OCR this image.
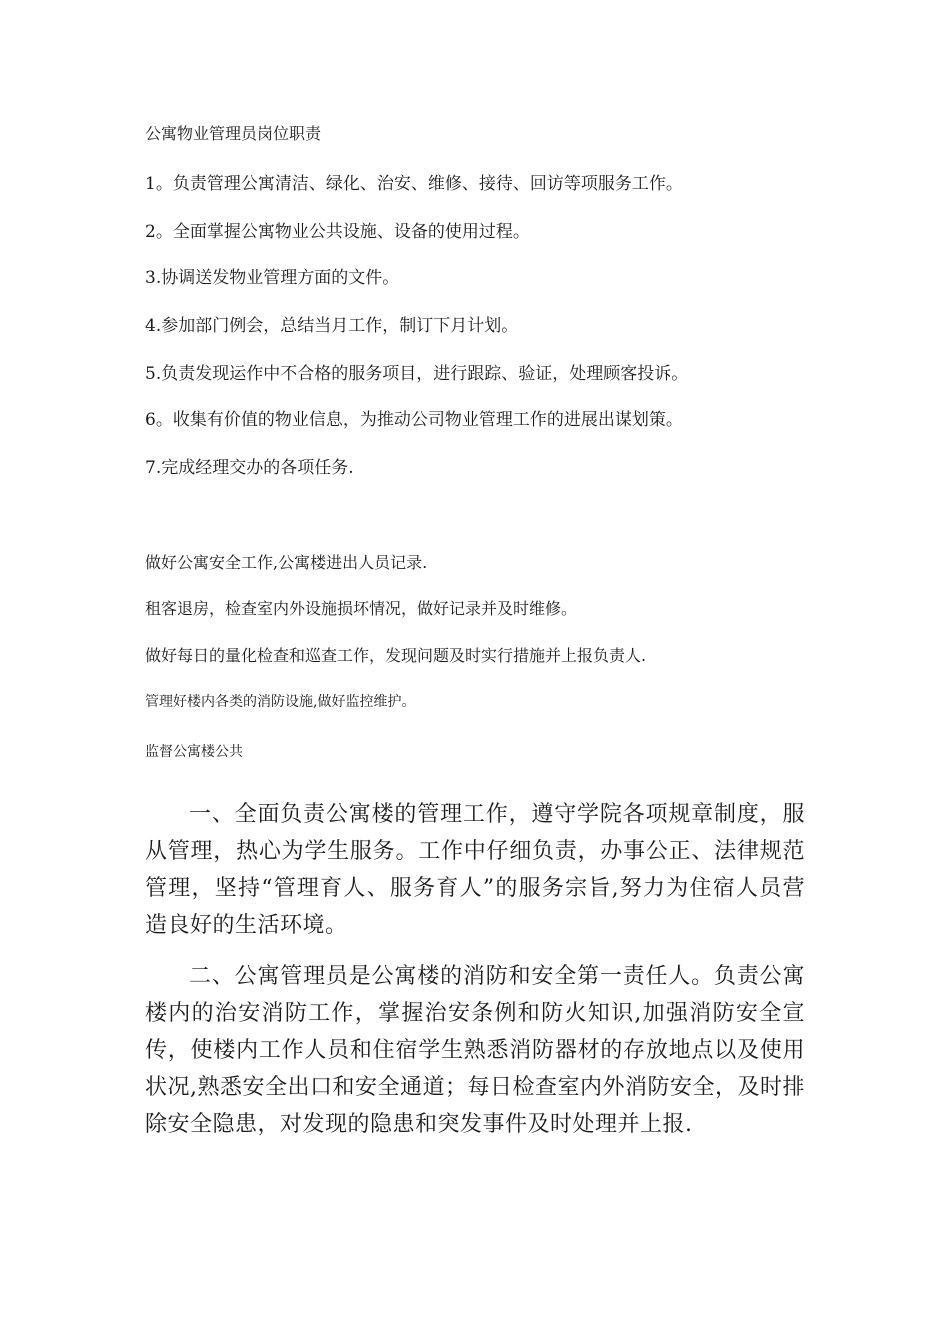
公寓物业管理员岗位职责
1。负责管理公寓清洁、绿化、治安、维修、接待、回访等项服务工作。
2。全面掌握公寓物业公共设施、设备的使用过程。
3.协调送发物业管理方面的文件。
4.参加部门例会，总结当月工作，制订下月计划。
5.负责发现运作中不合格的服务项目，进行跟踪、验证，处理顾客投诉。
6。收集有价值的物业信息，为推动公司物业管理工作的进展出谋划策。
7.完成经理交办的各项任务.
做好公寓安全工作,公寓楼进出人员记录.
租客退房，检查室内外设施损坏情况，做好记录并及时维修。
做好每日的量化检查和巡查工作，发现问题及时实行措施并上报负责人.
管理好楼内各类的消防设施,做好监控维护。
监督公寓楼公共

一、全面负责公寓楼的管理工作，遵守学院各项规章制度，服从管理，热心为学生服务。工作中仔细负责，办事公正、法律规范管理，坚持“管理育人、服务育人”的服务宗旨,努力为住宿人员营造良好的生活环境。

二、公寓管理员是公寓楼的消防和安全第一责任人。负责公寓楼内的治安消防工作，掌握治安条例和防火知识,加强消防安全宣传，使楼内工作人员和住宿学生熟悉消防器材的存放地点以及使用状况,熟悉安全出口和安全通道；每日检查室内外消防安全，及时排除安全隐患，对发现的隐患和突发事件及时处理并上报.
